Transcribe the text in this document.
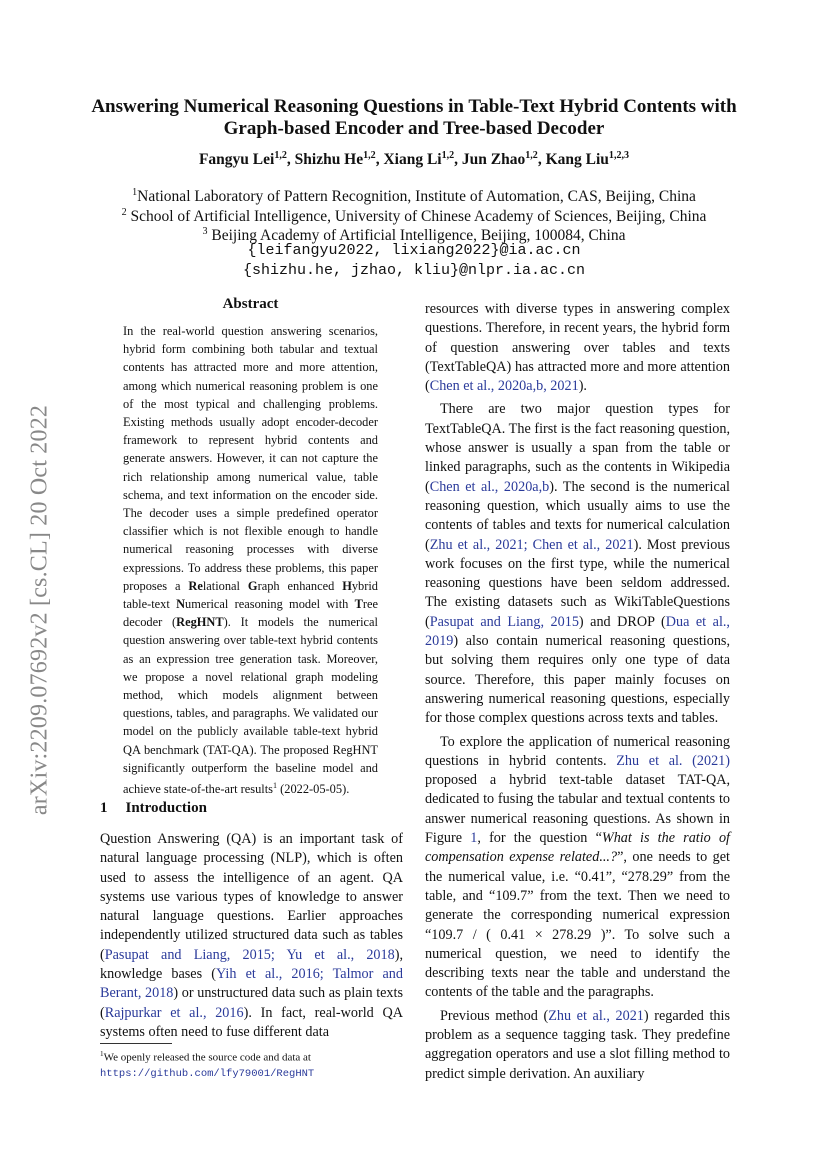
arXiv:2209.07692v2 [cs.CL] 20 Oct 2022
Answering Numerical Reasoning Questions in Table-Text Hybrid Contents with Graph-based Encoder and Tree-based Decoder
Fangyu Lei$^{1,2}$, Shizhu He$^{1,2}$, Xiang Li$^{1,2}$, Jun Zhao$^{1,2}$, Kang Liu$^{1,2,3}$
$^1$National Laboratory of Pattern Recognition, Institute of Automation, CAS, Beijing, China
$^2$ School of Artificial Intelligence, University of Chinese Academy of Sciences, Beijing, China
$^3$ Beijing Academy of Artificial Intelligence, Beijing, 100084, China
{leifangyu2022, lixiang2022}@ia.ac.cn
{shizhu.he, jzhao, kliu}@nlpr.ia.ac.cn
Abstract
In the real-world question answering scenarios, hybrid form combining both tabular and textual contents has attracted more and more attention, among which numerical reasoning problem is one of the most typical and challenging problems. Existing methods usually adopt encoder-decoder framework to represent hybrid contents and generate answers. However, it can not capture the rich relationship among numerical value, table schema, and text information on the encoder side. The decoder uses a simple predefined operator classifier which is not flexible enough to handle numerical reasoning processes with diverse expressions. To address these problems, this paper proposes a Relational Graph enhanced Hybrid table-text Numerical reasoning model with Tree decoder (RegHNT). It models the numerical question answering over table-text hybrid contents as an expression tree generation task. Moreover, we propose a novel relational graph modeling method, which models alignment between questions, tables, and paragraphs. We validated our model on the publicly available table-text hybrid QA benchmark (TAT-QA). The proposed RegHNT significantly outperform the baseline model and achieve state-of-the-art results$^1$ (2022-05-05).
1 Introduction
Question Answering (QA) is an important task of natural language processing (NLP), which is often used to assess the intelligence of an agent. QA systems use various types of knowledge to answer natural language questions. Earlier approaches independently utilized structured data such as tables (Pasupat and Liang, 2015; Yu et al., 2018), knowledge bases (Yih et al., 2016; Talmor and Berant, 2018) or unstructured data such as plain texts (Rajpurkar et al., 2016). In fact, real-world QA systems often need to fuse different data
$^1$We openly released the source code and data at https://github.com/lfy79001/RegHNT

resources with diverse types in answering complex questions. Therefore, in recent years, the hybrid form of question answering over tables and texts (TextTableQA) has attracted more and more attention (Chen et al., 2020a,b, 2021).

There are two major question types for TextTableQA. The first is the fact reasoning question, whose answer is usually a span from the table or linked paragraphs, such as the contents in Wikipedia (Chen et al., 2020a,b). The second is the numerical reasoning question, which usually aims to use the contents of tables and texts for numerical calculation (Zhu et al., 2021; Chen et al., 2021). Most previous work focuses on the first type, while the numerical reasoning questions have been seldom addressed. The existing datasets such as WikiTableQuestions (Pasupat and Liang, 2015) and DROP (Dua et al., 2019) also contain numerical reasoning questions, but solving them requires only one type of data source. Therefore, this paper mainly focuses on answering numerical reasoning questions, especially for those complex questions across texts and tables.

To explore the application of numerical reasoning questions in hybrid contents. Zhu et al. (2021) proposed a hybrid text-table dataset TAT-QA, dedicated to fusing the tabular and textual contents to answer numerical reasoning questions. As shown in Figure 1, for the question “What is the ratio of compensation expense related...?”, one needs to get the numerical value, i.e. “0.41”, “278.29” from the table, and “109.7” from the text. Then we need to generate the corresponding numerical expression “109.7 / ( 0.41 × 278.29 )”. To solve such a numerical question, we need to identify the describing texts near the table and understand the contents of the table and the paragraphs.

Previous method (Zhu et al., 2021) regarded this problem as a sequence tagging task. They predefine aggregation operators and use a slot filling method to predict simple derivation. An auxiliary
